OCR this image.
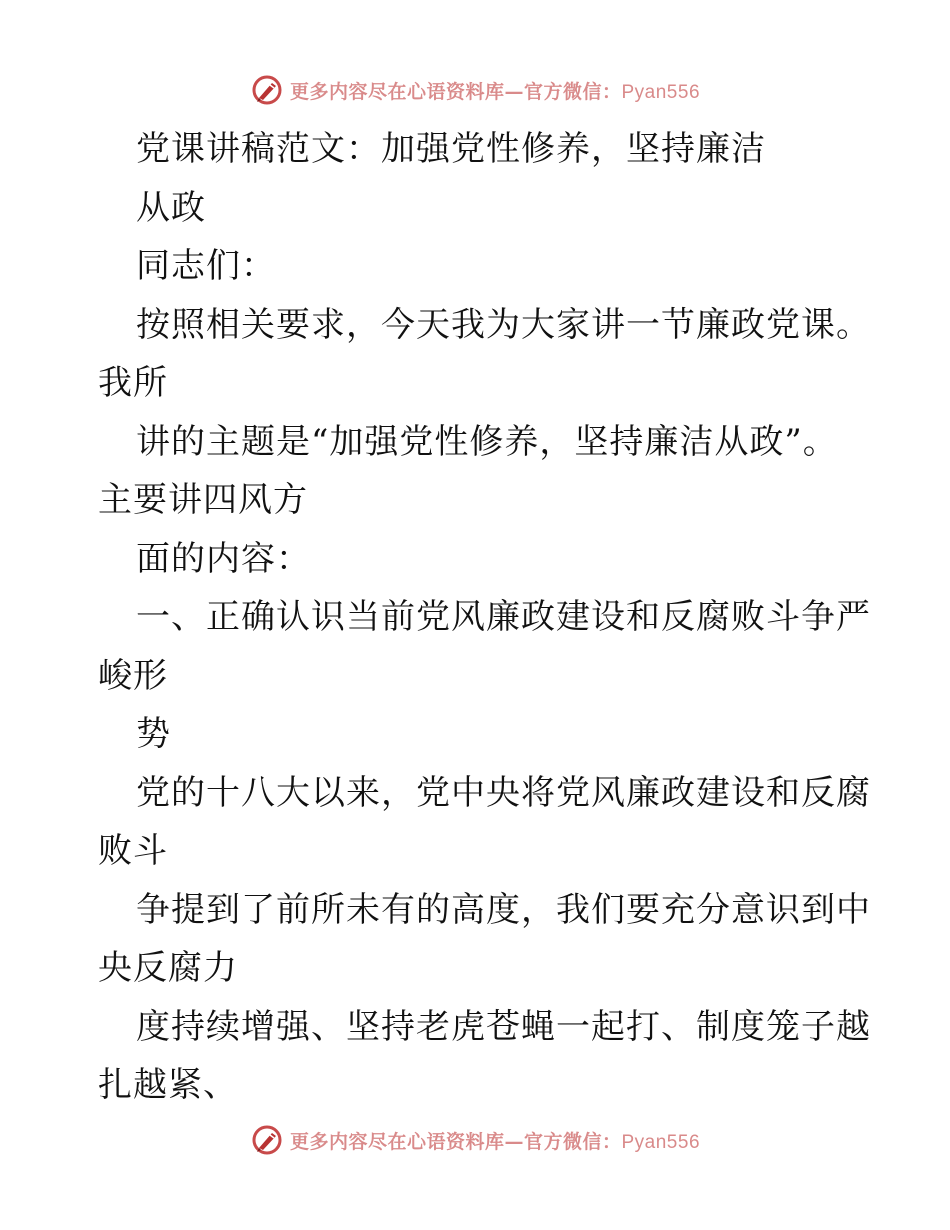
更多内容尽在心语资料库—官方微信：Pyan556
党课讲稿范文：加强党性修养，坚持廉洁
从政
同志们：
按照相关要求，今天我为大家讲一节廉政党课。
我所
讲的主题是“加强党性修养，坚持廉洁从政”。
主要讲四风方
面的内容：
一、正确认识当前党风廉政建设和反腐败斗争严
峻形
势
党的十八大以来，党中央将党风廉政建设和反腐
败斗
争提到了前所未有的高度，我们要充分意识到中
央反腐力
度持续增强、坚持老虎苍蝇一起打、制度笼子越
扎越紧、
更多内容尽在心语资料库—官方微信：Pyan556
